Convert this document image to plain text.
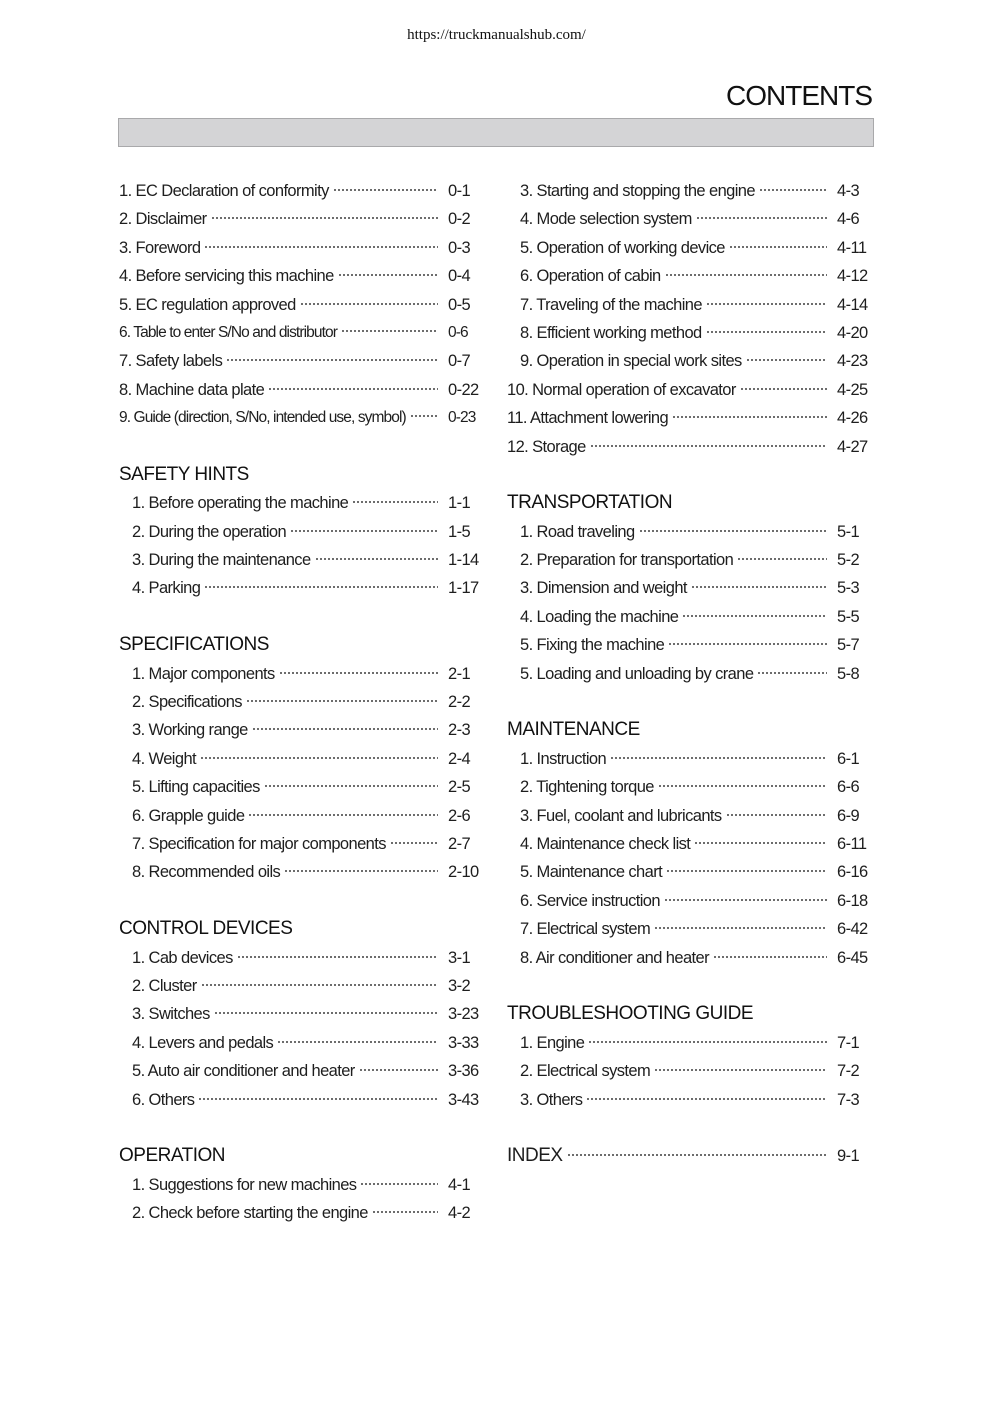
https://truckmanualshub.com/
CONTENTS
1. EC Declaration of conformity	0-1
2. Disclaimer	0-2
3. Foreword	0-3
4. Before servicing this machine	0-4
5. EC regulation approved	0-5
6. Table to enter S/No and distributor	0-6
7. Safety labels	0-7
8. Machine data plate	0-22
9. Guide (direction, S/No, intended use, symbol)	0-23
SAFETY HINTS
1. Before operating the machine	1-1
2. During the operation	1-5
3. During the maintenance	1-14
4. Parking	1-17
SPECIFICATIONS
1. Major components	2-1
2. Specifications	2-2
3. Working range	2-3
4. Weight	2-4
5. Lifting capacities	2-5
6. Grapple guide	2-6
7. Specification for major components	2-7
8. Recommended oils	2-10
CONTROL DEVICES
1. Cab devices	3-1
2. Cluster	3-2
3. Switches	3-23
4. Levers and pedals	3-33
5. Auto air conditioner and heater	3-36
6. Others	3-43
OPERATION
1. Suggestions for new machines	4-1
2. Check before starting the engine	4-2
3. Starting and stopping the engine	4-3
4. Mode selection system	4-6
5. Operation of working device	4-11
6. Operation of cabin	4-12
7. Traveling of the machine	4-14
8. Efficient working method	4-20
9. Operation in special work sites	4-23
10. Normal operation of excavator	4-25
11. Attachment lowering	4-26
12. Storage	4-27
TRANSPORTATION
1. Road traveling	5-1
2. Preparation for transportation	5-2
3. Dimension and weight	5-3
4. Loading the machine	5-5
5. Fixing the machine	5-7
5. Loading and unloading by crane	5-8
MAINTENANCE
1. Instruction	6-1
2. Tightening torque	6-6
3. Fuel, coolant and lubricants	6-9
4. Maintenance check list	6-11
5. Maintenance chart	6-16
6. Service instruction	6-18
7. Electrical system	6-42
8. Air conditioner and heater	6-45
TROUBLESHOOTING GUIDE
1. Engine	7-1
2. Electrical system	7-2
3. Others	7-3
INDEX	9-1
